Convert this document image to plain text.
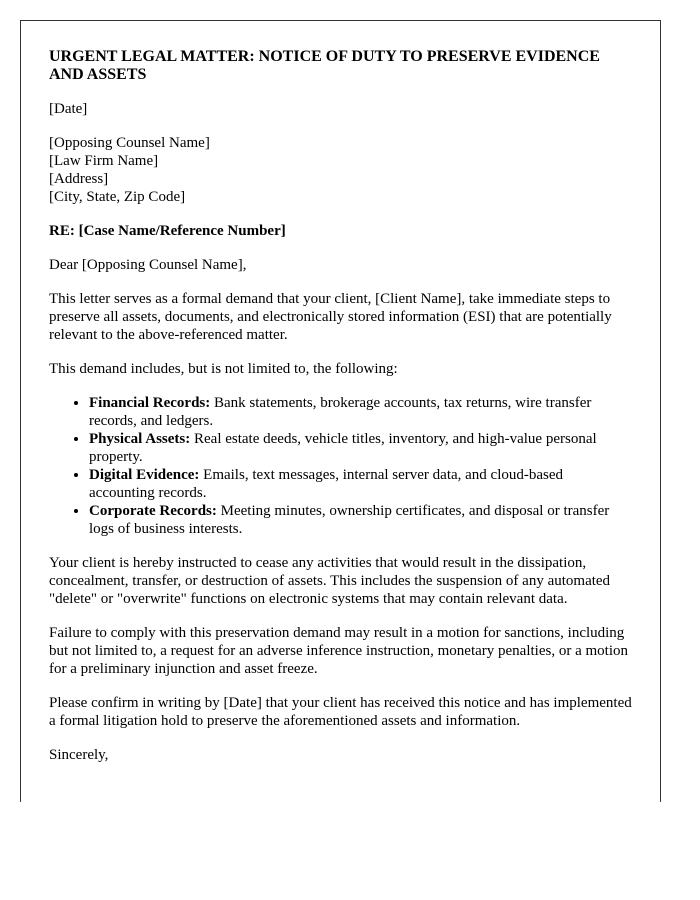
URGENT LEGAL MATTER: NOTICE OF DUTY TO PRESERVE EVIDENCE AND ASSETS

[Date]

[Opposing Counsel Name]
[Law Firm Name]
[Address]
[City, State, Zip Code]

RE: [Case Name/Reference Number]

Dear [Opposing Counsel Name],

This letter serves as a formal demand that your client, [Client Name], take immediate steps to preserve all assets, documents, and electronically stored information (ESI) that are potentially relevant to the above-referenced matter.

This demand includes, but is not limited to, the following:

• Financial Records: Bank statements, brokerage accounts, tax returns, wire transfer records, and ledgers.
• Physical Assets: Real estate deeds, vehicle titles, inventory, and high-value personal property.
• Digital Evidence: Emails, text messages, internal server data, and cloud-based accounting records.
• Corporate Records: Meeting minutes, ownership certificates, and disposal or transfer logs of business interests.

Your client is hereby instructed to cease any activities that would result in the dissipation, concealment, transfer, or destruction of assets. This includes the suspension of any automated "delete" or "overwrite" functions on electronic systems that may contain relevant data.

Failure to comply with this preservation demand may result in a motion for sanctions, including but not limited to, a request for an adverse inference instruction, monetary penalties, or a motion for a preliminary injunction and asset freeze.

Please confirm in writing by [Date] that your client has received this notice and has implemented a formal litigation hold to preserve the aforementioned assets and information.

Sincerely,
